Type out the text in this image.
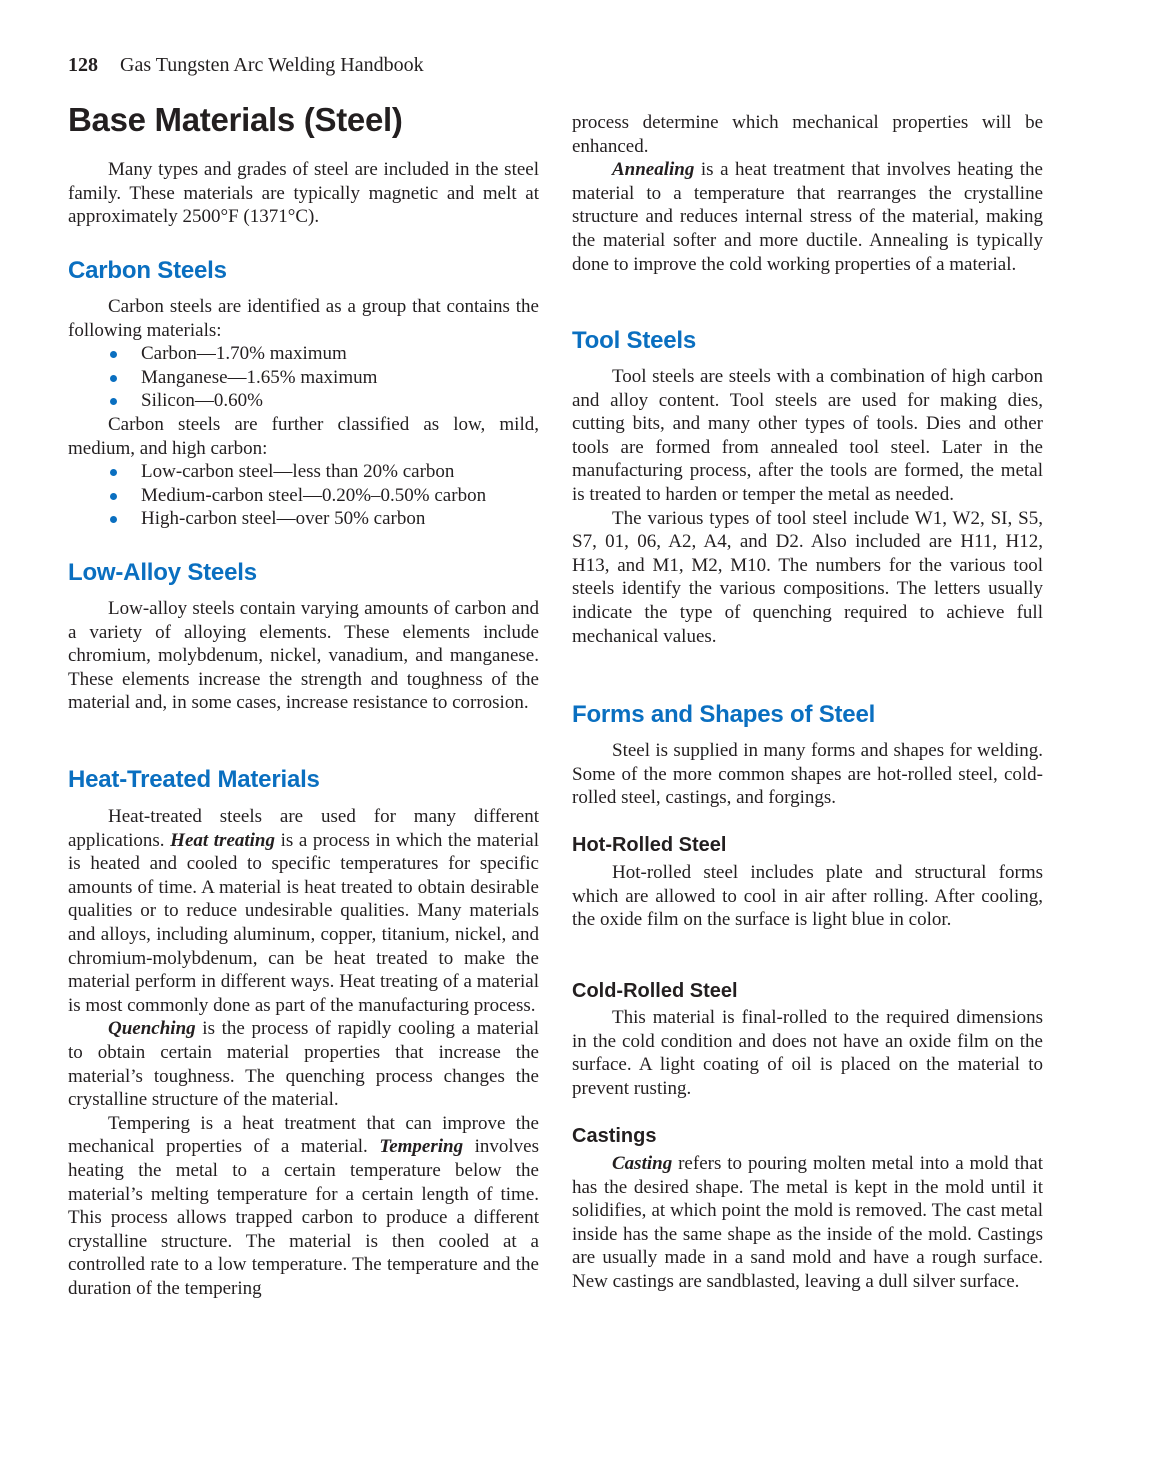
128 Gas Tungsten Arc Welding Handbook
Base Materials (Steel)

Many types and grades of steel are included in the steel family. These materials are typically magnetic and melt at approximately 2500°F (1371°C).

Carbon Steels

Carbon steels are identified as a group that contains the following materials:

Carbon—1.70% maximum
Manganese—1.65% maximum
Silicon—0.60%

Carbon steels are further classified as low, mild, medium, and high carbon:

Low-carbon steel—less than 20% carbon
Medium-carbon steel—0.20%–0.50% carbon
High-carbon steel—over 50% carbon
Low-Alloy Steels

Low-alloy steels contain varying amounts of carbon and a variety of alloying elements. These elements include chromium, molybdenum, nickel, vanadium, and manganese. These elements increase the strength and toughness of the material and, in some cases, increase resistance to corrosion.

Heat-Treated Materials

Heat-treated steels are used for many different applications. Heat treating is a process in which the material is heated and cooled to specific temperatures for specific amounts of time. A material is heat treated to obtain desirable qualities or to reduce undesirable qualities. Many materials and alloys, including aluminum, copper, titanium, nickel, and chromium-molybdenum, can be heat treated to make the material perform in different ways. Heat treating of a material is most commonly done as part of the manufacturing process.

Quenching is the process of rapidly cooling a material to obtain certain material properties that increase the material’s toughness. The quenching process changes the crystalline structure of the material.

Tempering is a heat treatment that can improve the mechanical properties of a material. Tempering involves heating the metal to a certain temperature below the material’s melting temperature for a certain length of time. This process allows trapped carbon to produce a different crystalline structure. The material is then cooled at a controlled rate to a low temperature. The temperature and the duration of the tempering

process determine which mechanical properties will be enhanced.

Annealing is a heat treatment that involves heating the material to a temperature that rearranges the crystalline structure and reduces internal stress of the material, making the material softer and more ductile. Annealing is typically done to improve the cold working properties of a material.

Tool Steels

Tool steels are steels with a combination of high carbon and alloy content. Tool steels are used for making dies, cutting bits, and many other types of tools. Dies and other tools are formed from annealed tool steel. Later in the manufacturing process, after the tools are formed, the metal is treated to harden or temper the metal as needed.

The various types of tool steel include W1, W2, SI, S5, S7, 01, 06, A2, A4, and D2. Also included are H11, H12, H13, and M1, M2, M10. The numbers for the various tool steels identify the various compositions. The letters usually indicate the type of quenching required to achieve full mechanical values.

Forms and Shapes of Steel

Steel is supplied in many forms and shapes for welding. Some of the more common shapes are hot-rolled steel, cold-rolled steel, castings, and forgings.

Hot-Rolled Steel

Hot-rolled steel includes plate and structural forms which are allowed to cool in air after rolling. After cooling, the oxide film on the surface is light blue in color.

Cold-Rolled Steel

This material is final-rolled to the required dimensions in the cold condition and does not have an oxide film on the surface. A light coating of oil is placed on the material to prevent rusting.

Castings

Casting refers to pouring molten metal into a mold that has the desired shape. The metal is kept in the mold until it solidifies, at which point the mold is removed. The cast metal inside has the same shape as the inside of the mold. Castings are usually made in a sand mold and have a rough surface. New castings are sandblasted, leaving a dull silver surface.
